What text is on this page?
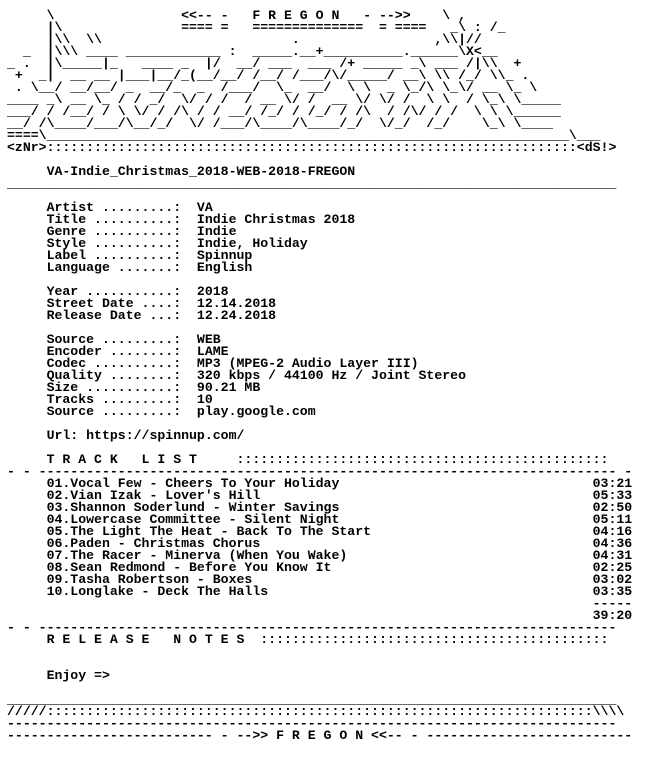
\                <<-- -   F R E G O N   - -->>    \ ,
|\               ==== =   ==============  = ====   _\ : /_
|\\  \\                        .                 ,\\|//
_  |\\\ ____ ____________ :  _____.__+__________.______\X<__
_ .  |\_____|_   ____ _  |/  __/ ___  ___ /+ _____ _\ ___ /|\\  +
+  _|  __ __ |___|__/_(__/__/ /__/ /___/\/_____/ __\ \\ /_/ \\_ .
. \__/ __/__/ _  __/_  _  /___/  \_  __/  \ \  _ \_/\ \_\/ __ \_ \
____ _\ __ \_ / / _/  \/ / /  / __ \/ /  __ \/ \/ /  \ \  / \_\ \_____
___/ / /__/ / \ \/ / /\ / / __/ /_/ / /_/ / /\  / /\/ / /  \ \ \______
__/ /\____/___/\__/_/  \/ /___/\____/\____/_/  \/_/  /_/    \_\ \____
====\__________________________________________________________________\___
<zNr>:::::::::::::::::::::::::::::::::::::::::::::::::::::::::::::::::::<dS!>
VA-Indie_Christmas_2018-WEB-2018-FREGON
_____________________________________________________________________________
Artist .........:  VA
Title ..........:  Indie Christmas 2018
Genre ..........:  Indie
Style ..........:  Indie, Holiday
Label ..........:  Spinnup
Language .......:  English
Year ...........:  2018
Street Date ....:  12.14.2018
Release Date ...:  12.24.2018
Source .........:  WEB
Encoder ........:  LAME
Codec ..........:  MP3 (MPEG-2 Audio Layer III)
Quality ........:  320 kbps / 44100 Hz / Joint Stereo
Size ...........:  90.21 MB
Tracks .........:  10
Source .........:  play.google.com
Url: https://spinnup.com/
T R A C K   L I S T     :::::::::::::::::::::::::::::::::::::::::::::::
- - ------------------------------------------------------------------------- -
01.Vocal Few - Cheers To Your Holiday                                03:21
02.Vian Izak - Lover's Hill                                          05:33
03.Shannon Soderlund - Winter Savings                                02:50
04.Lowercase Committee - Silent Night                                05:11
05.The Light The Heat - Back To The Start                            04:16
06.Paden - Christmas Chorus                                          04:36
07.The Racer - Minerva (When You Wake)                               04:31
08.Sean Redmond - Before You Know It                                 02:25
09.Tasha Robertson - Boxes                                           03:02
10.Longlake - Deck The Halls                                         03:35
-----
39:20
- - -------------------------------------------------------------------------
R E L E A S E   N O T E S  ::::::::::::::::::::::::::::::::::::::::::::
Enjoy =>
_____________________________________________________________________________
/////:::::::::::::::::::::::::::::::::::::::::::::::::::::::::::::::::::::\\\\
-----------------------------------------------------------------------------
-------------------------- - -->> F R E G O N <<-- - --------------------------
